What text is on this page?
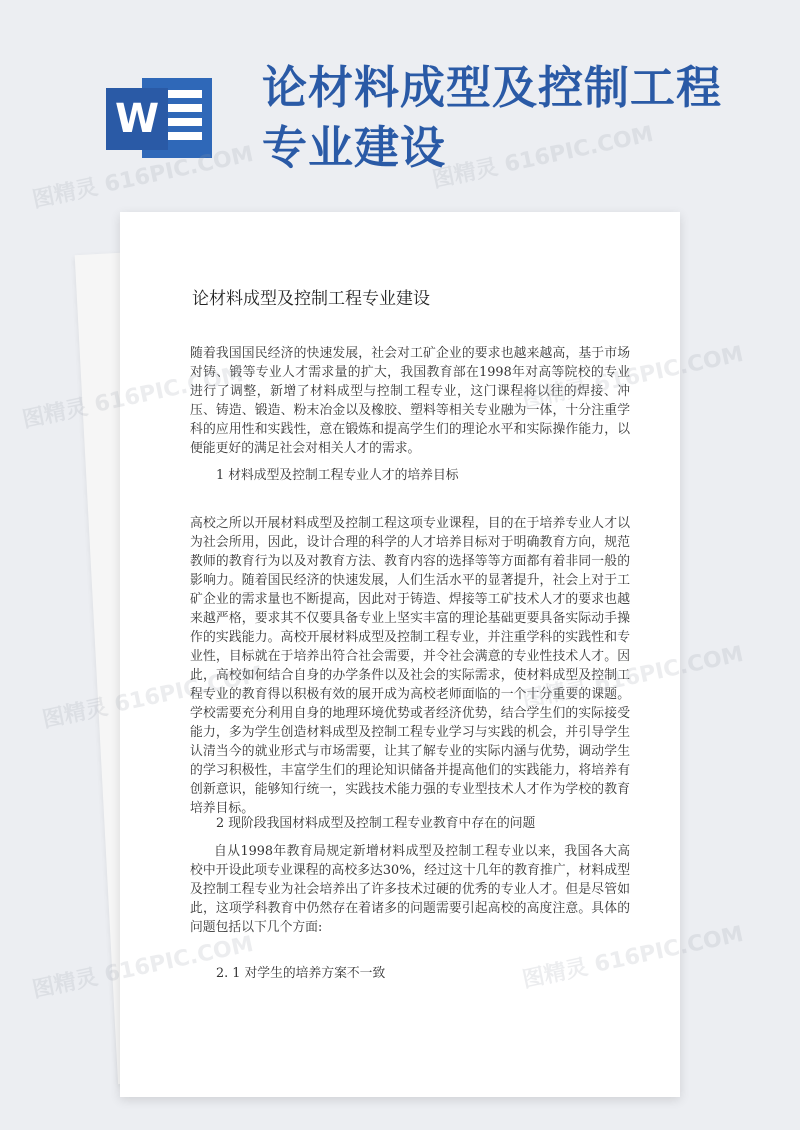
W
论材料成型及控制工程
专业建设
论材料成型及控制工程专业建设

随着我国国民经济的快速发展，社会对工矿企业的要求也越来越高，基于市场对铸、锻等专业人才需求量的扩大，我国教育部在1998年对高等院校的专业进行了调整，新增了材料成型与控制工程专业，这门课程将以往的焊接、冲压、铸造、锻造、粉末冶金以及橡胶、塑料等相关专业融为一体，十分注重学科的应用性和实践性，意在锻炼和提高学生们的理论水平和实际操作能力，以便能更好的满足社会对相关人才的需求。

1 材料成型及控制工程专业人才的培养目标

高校之所以开展材料成型及控制工程这项专业课程，目的在于培养专业人才以为社会所用，因此，设计合理的科学的人才培养目标对于明确教育方向，规范教师的教育行为以及对教育方法、教育内容的选择等等方面都有着非同一般的影响力。随着国民经济的快速发展，人们生活水平的显著提升，社会上对于工矿企业的需求量也不断提高，因此对于铸造、焊接等工矿技术人才的要求也越来越严格，要求其不仅要具备专业上坚实丰富的理论基础更要具备实际动手操作的实践能力。高校开展材料成型及控制工程专业，并注重学科的实践性和专业性，目标就在于培养出符合社会需要，并令社会满意的专业性技术人才。因此，高校如何结合自身的办学条件以及社会的实际需求，使材料成型及控制工程专业的教育得以积极有效的展开成为高校老师面临的一个十分重要的课题。学校需要充分利用自身的地理环境优势或者经济优势，结合学生们的实际接受能力，多为学生创造材料成型及控制工程专业学习与实践的机会，并引导学生认清当今的就业形式与市场需要，让其了解专业的实际内涵与优势，调动学生的学习积极性，丰富学生们的理论知识储备并提高他们的实践能力，将培养有创新意识，能够知行统一，实践技术能力强的专业型技术人才作为学校的教育培养目标。

2 现阶段我国材料成型及控制工程专业教育中存在的问题

自从1998年教育局规定新增材料成型及控制工程专业以来，我国各大高校中开设此项专业课程的高校多达30%，经过这十几年的教育推广，材料成型及控制工程专业为社会培养出了许多技术过硬的优秀的专业人才。但是尽管如此，这项学科教育中仍然存在着诸多的问题需要引起高校的高度注意。具体的问题包括以下几个方面:

2. 1 对学生的培养方案不一致

图精灵 616PIC.COM	图精灵 616PIC.COM
图精灵
图精灵
图精灵
